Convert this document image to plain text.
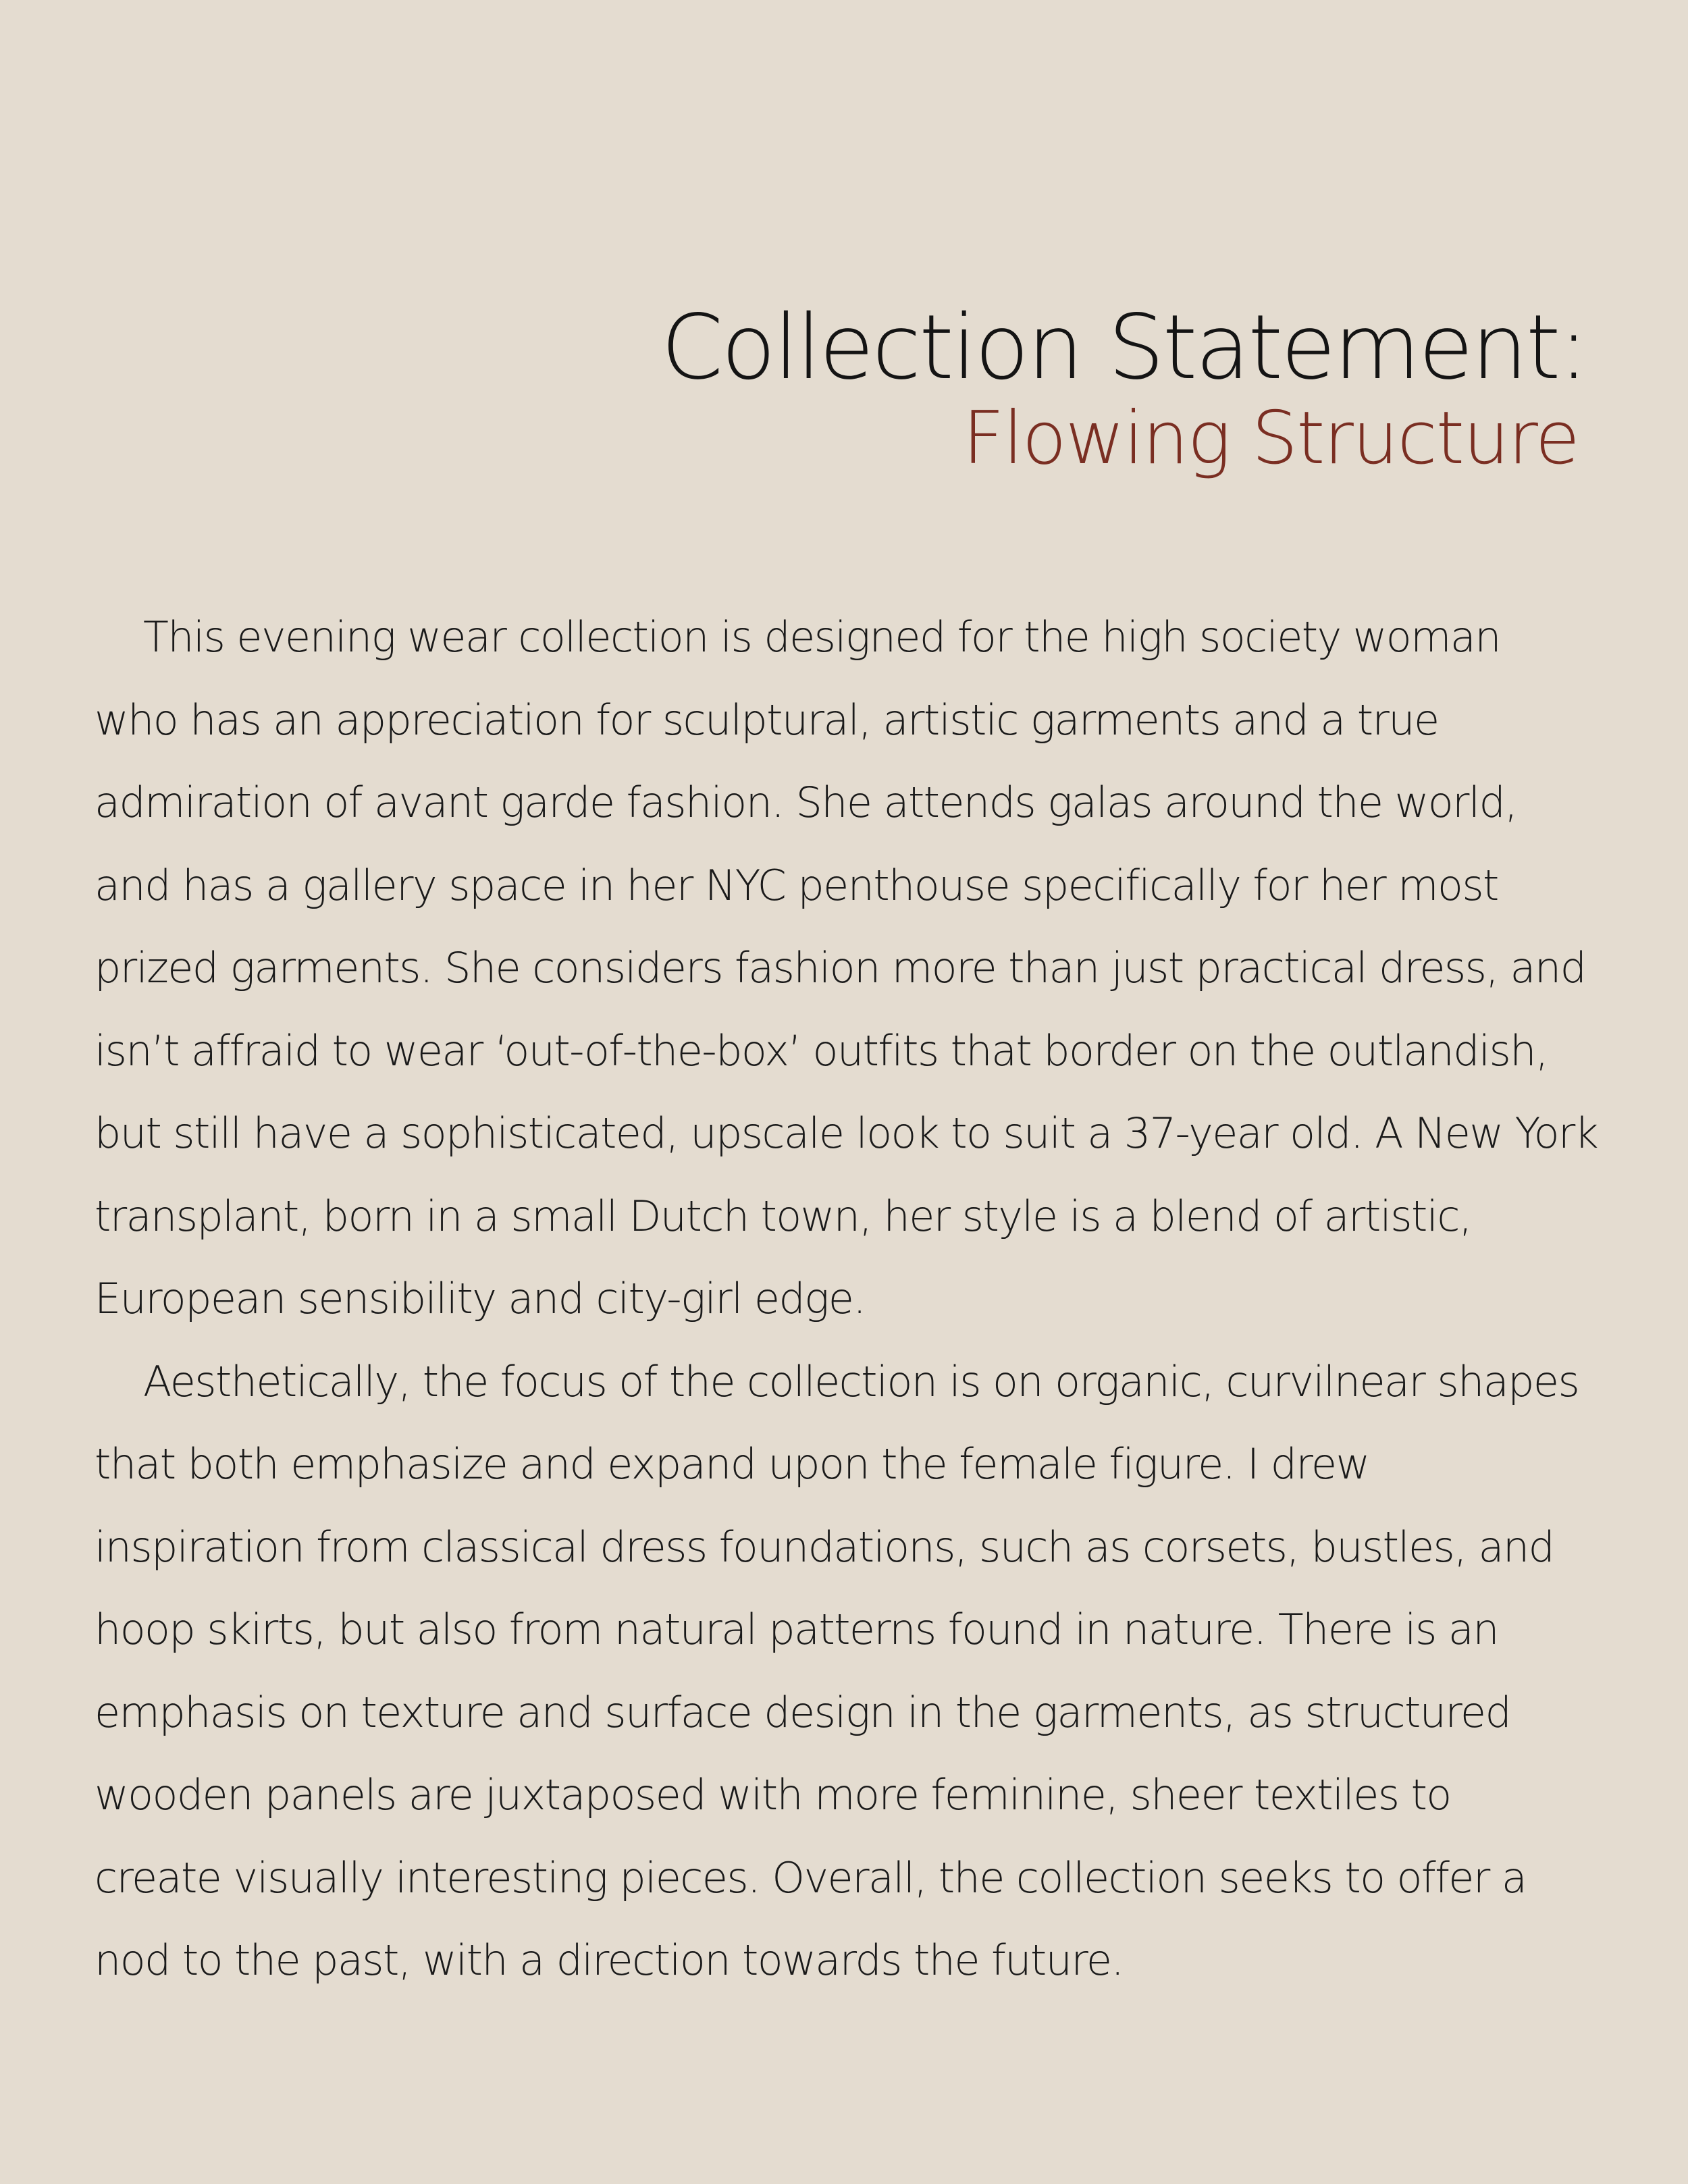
Collection Statement:
Flowing Structure
This evening wear collection is designed for the high society woman
who has an appreciation for sculptural, artistic garments and a true
admiration of avant garde fashion. She attends galas around the world,
and has a gallery space in her NYC penthouse specifically for her most
prized garments. She considers fashion more than just practical dress, and
isn’t affraid to wear ‘out-of-the-box’ outfits that border on the outlandish,
but still have a sophisticated, upscale look to suit a 37-year old. A New York
transplant, born in a small Dutch town, her style is a blend of artistic,
European sensibility and city-girl edge.
Aesthetically, the focus of the collection is on organic, curvilnear shapes
that both emphasize and expand upon the female figure. I drew
inspiration from classical dress foundations, such as corsets, bustles, and
hoop skirts, but also from natural patterns found in nature. There is an
emphasis on texture and surface design in the garments, as structured
wooden panels are juxtaposed with more feminine, sheer textiles to
create visually interesting pieces. Overall, the collection seeks to offer a
nod to the past, with a direction towards the future.
